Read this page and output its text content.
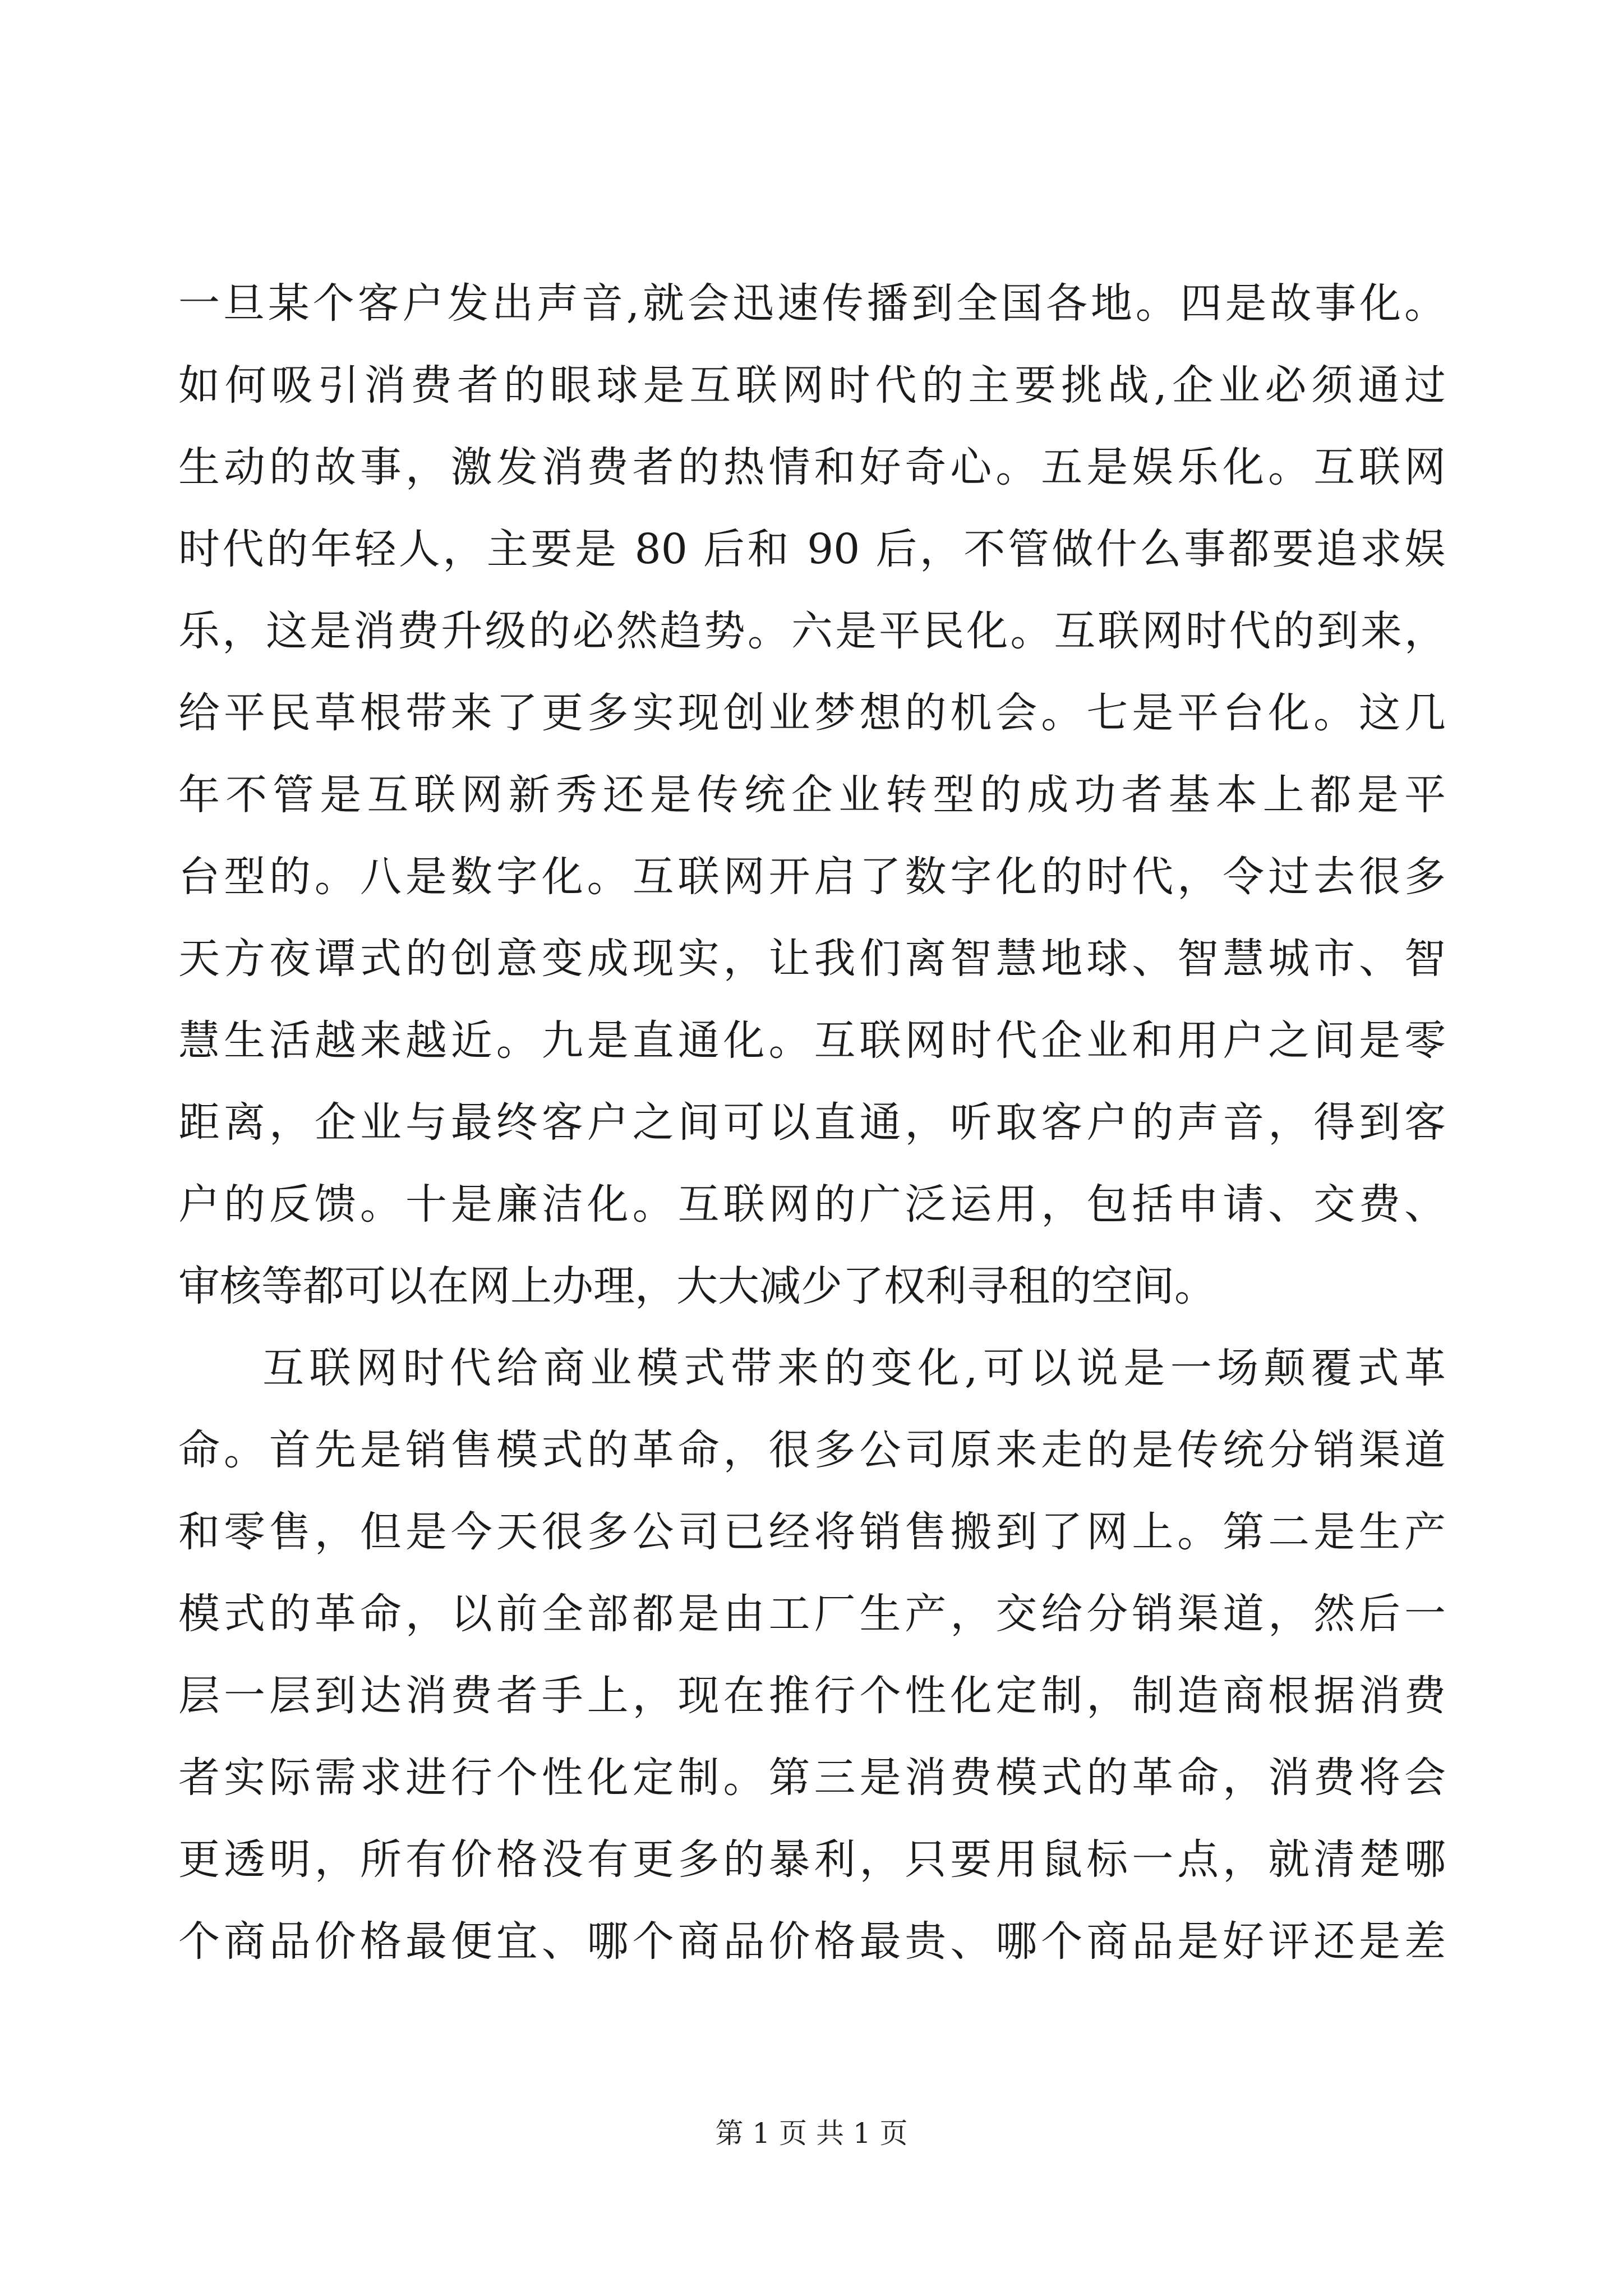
一旦某个客户发出声音,就会迅速传播到全国各地。四是故事化。
如何吸引消费者的眼球是互联网时代的主要挑战,企业必须通过
生动的故事，激发消费者的热情和好奇心。五是娱乐化。互联网
时代的年轻人，主要是 80 后和 90 后，不管做什么事都要追求娱
乐，这是消费升级的必然趋势。六是平民化。互联网时代的到来，
给平民草根带来了更多实现创业梦想的机会。七是平台化。这几
年不管是互联网新秀还是传统企业转型的成功者基本上都是平
台型的。八是数字化。互联网开启了数字化的时代，令过去很多
天方夜谭式的创意变成现实，让我们离智慧地球、智慧城市、智
慧生活越来越近。九是直通化。互联网时代企业和用户之间是零
距离，企业与最终客户之间可以直通，听取客户的声音，得到客
户的反馈。十是廉洁化。互联网的广泛运用，包括申请、交费、
审核等都可以在网上办理，大大减少了权利寻租的空间。
互联网时代给商业模式带来的变化,可以说是一场颠覆式革
命。首先是销售模式的革命，很多公司原来走的是传统分销渠道
和零售，但是今天很多公司已经将销售搬到了网上。第二是生产
模式的革命，以前全部都是由工厂生产，交给分销渠道，然后一
层一层到达消费者手上，现在推行个性化定制，制造商根据消费
者实际需求进行个性化定制。第三是消费模式的革命，消费将会
更透明，所有价格没有更多的暴利，只要用鼠标一点，就清楚哪
个商品价格最便宜、哪个商品价格最贵、哪个商品是好评还是差
第 1 页 共 1 页
